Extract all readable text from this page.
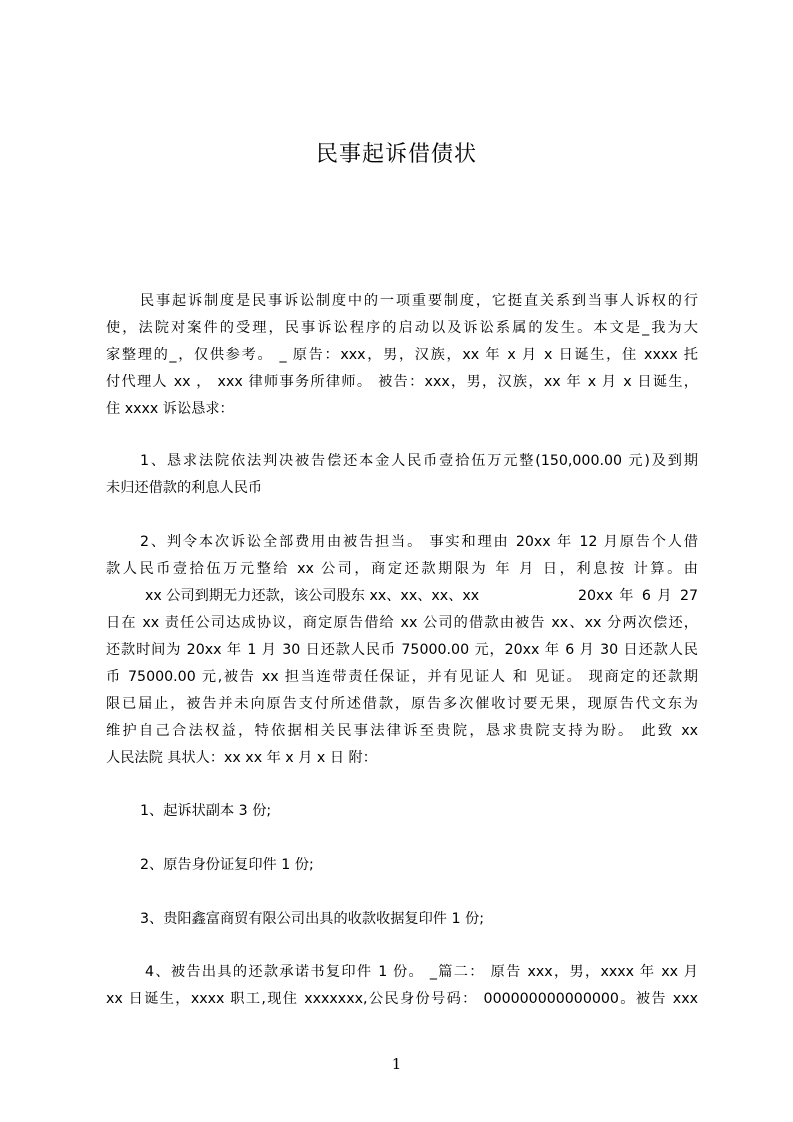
民事起诉借债状
民事起诉制度是民事诉讼制度中的一项重要制度，它挺直关系到当事人诉权的行
使，法院对案件的受理，民事诉讼程序的启动以及诉讼系属的发生。本文是_我为大
家整理的_，仅供参考。 _ 原告：xxx，男，汉族，xx 年 x 月 x 日诞生，住 xxxx 托
付代理人 xx ， xxx 律师事务所律师。 被告：xxx，男，汉族，xx 年 x 月 x 日诞生，
住 xxxx 诉讼恳求：
1、恳求法院依法判决被告偿还本金人民币壹拾伍万元整(150,000.00 元)及到期
未归还借款的利息人民币
2、判令本次诉讼全部费用由被告担当。 事实和理由 20xx 年 12 月原告个人借
款人民币壹拾伍万元整给 xx 公司，商定还款期限为 年 月 日，利息按 计算。由
xx 公司到期无力还款，该公司股东 xx、xx、xx、xx	20xx 年 6 月 27
日在 xx 责任公司达成协议，商定原告借给 xx 公司的借款由被告 xx、xx 分两次偿还，
还款时间为 20xx 年 1 月 30 日还款人民币 75000.00 元，20xx 年 6 月 30 日还款人民
币 75000.00 元,被告 xx 担当连带责任保证，并有见证人 和 见证。 现商定的还款期
限已届止，被告并未向原告支付所述借款，原告多次催收讨要无果，现原告代文东为
维护自己合法权益，特依据相关民事法律诉至贵院，恳求贵院支持为盼。 此致 xx
人民法院 具状人：xx xx 年 x 月 x 日 附：
1、起诉状副本 3 份;
2、原告身份证复印件 1 份;
3、贵阳鑫富商贸有限公司出具的收款收据复印件 1 份;
4、被告出具的还款承诺书复印件 1 份。 _篇二： 原告 xxx，男，xxxx 年 xx 月
xx 日诞生，xxxx 职工,现住 xxxxxxx,公民身份号码： 000000000000000。被告 xxx
1
